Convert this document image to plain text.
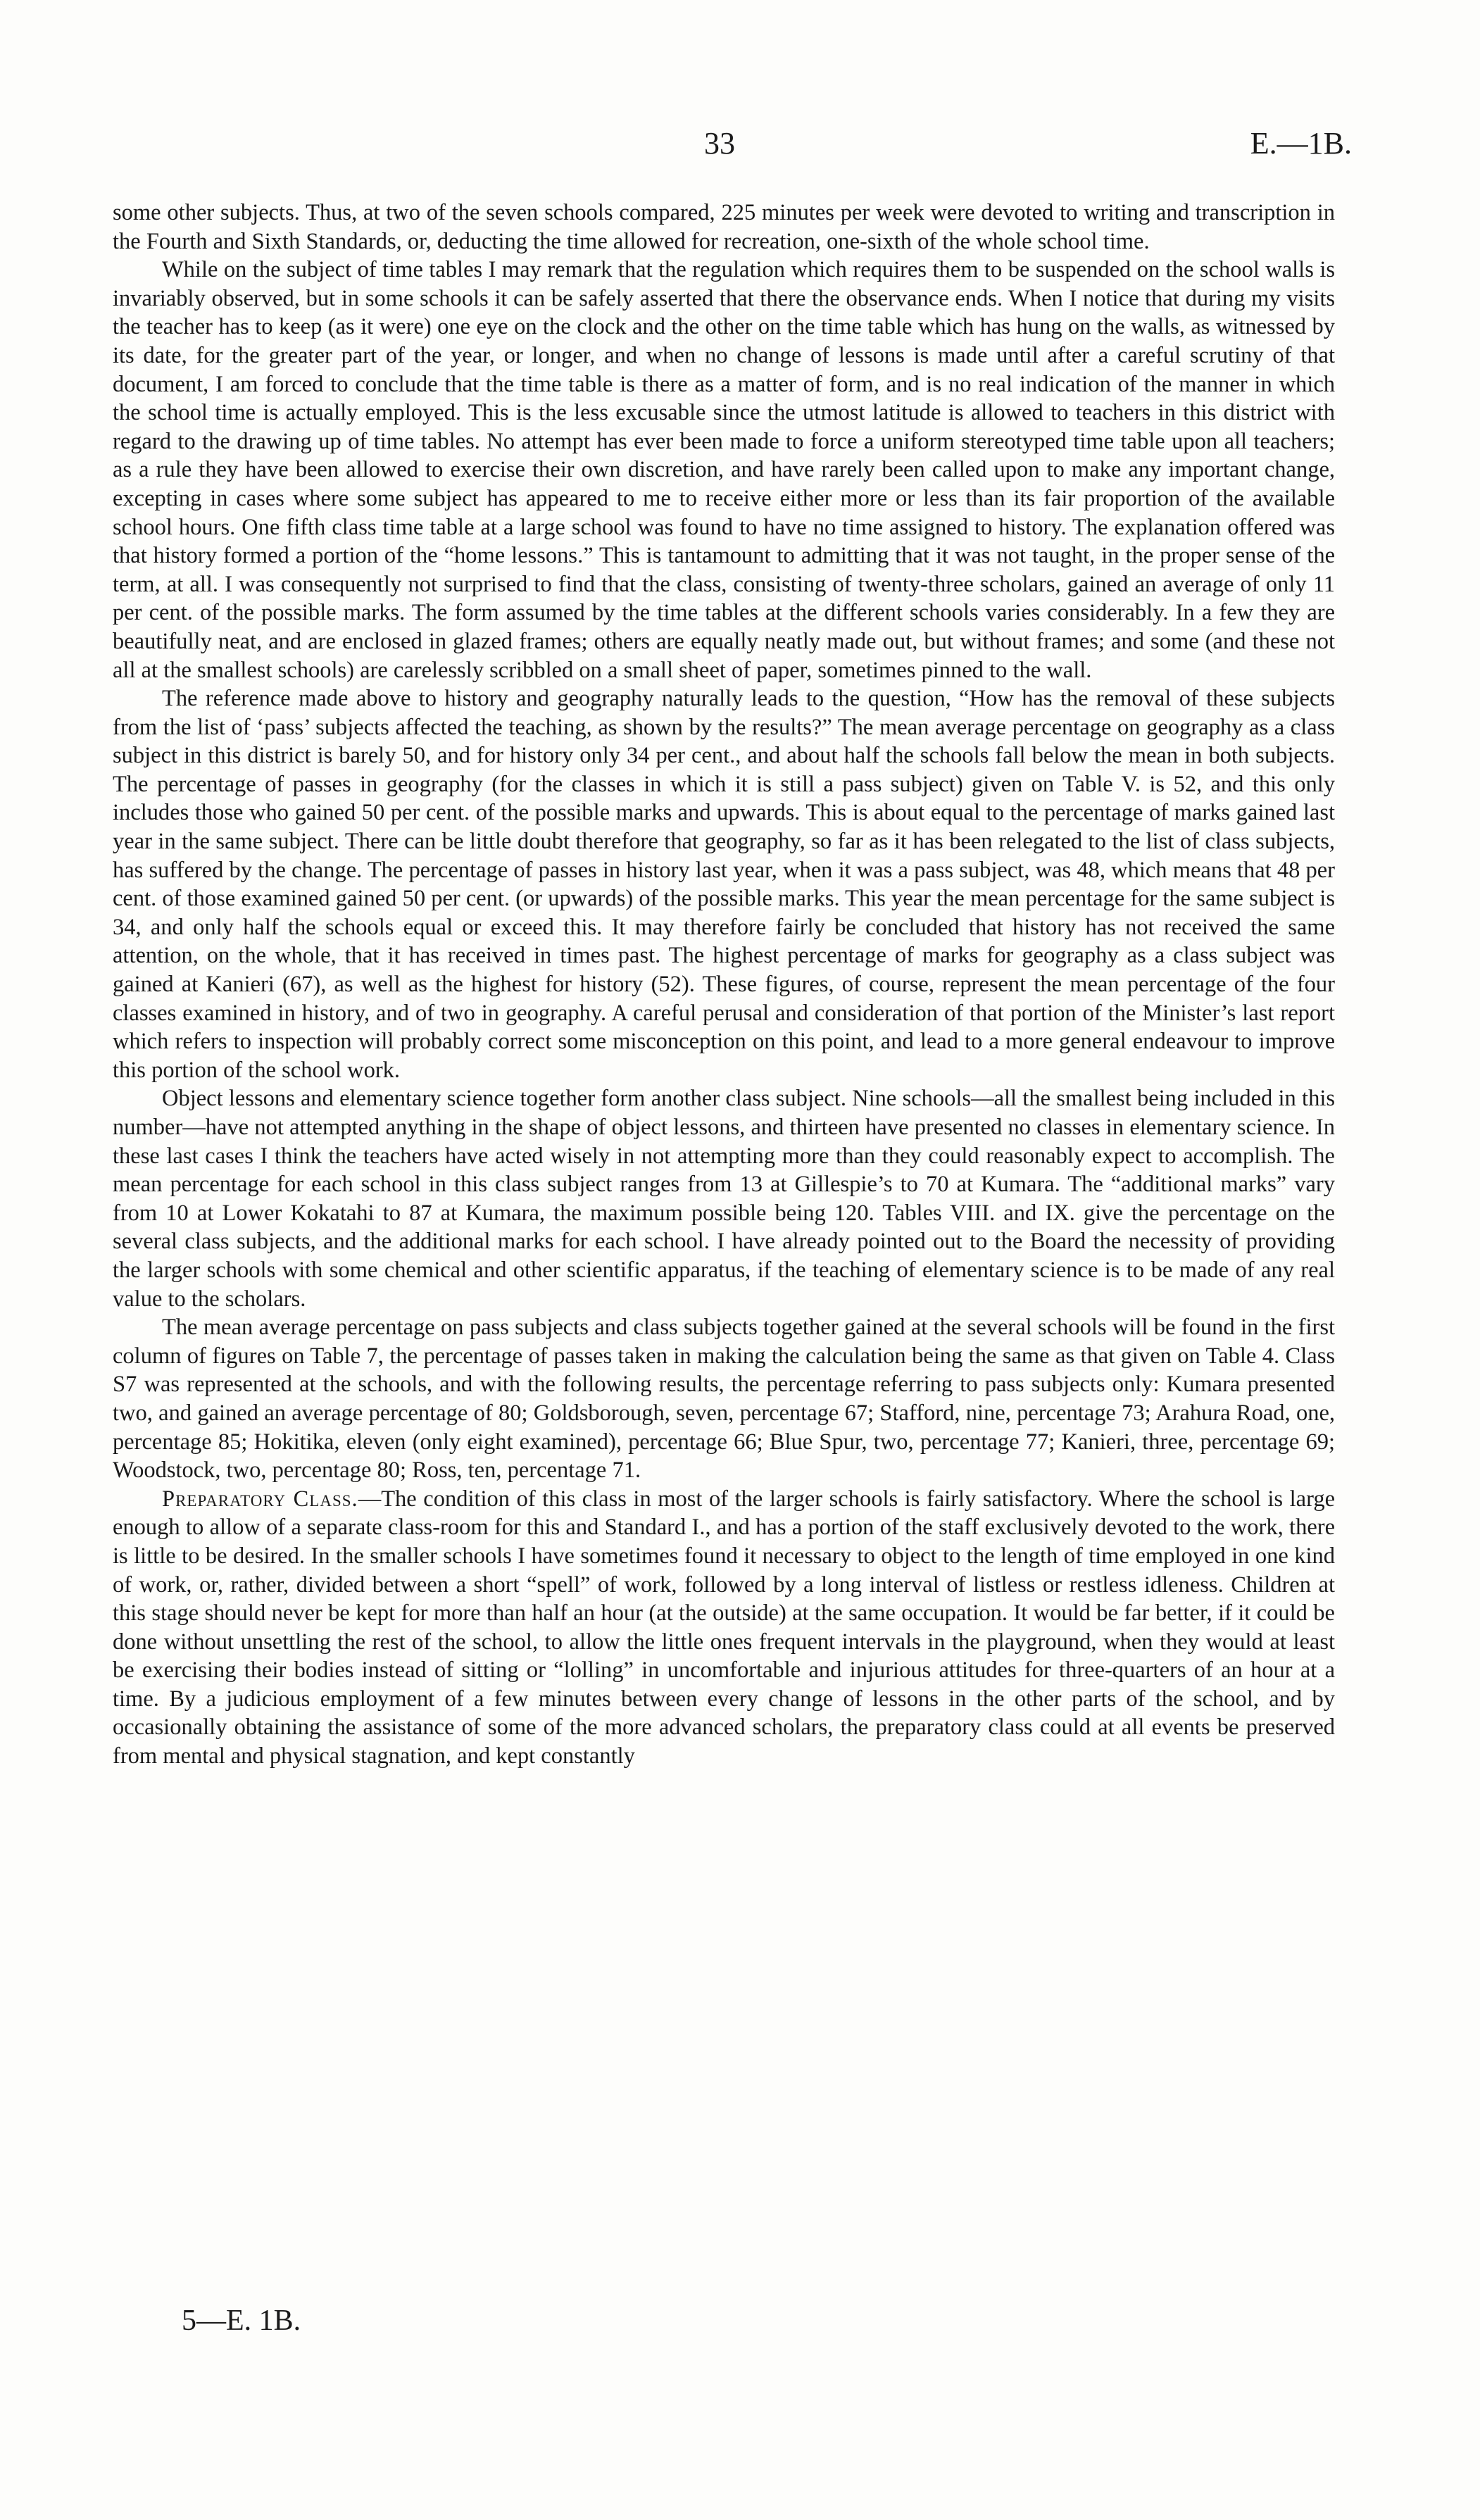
33	E.—1B.

some other subjects. Thus, at two of the seven schools compared, 225 minutes per week were devoted to writing and transcription in the Fourth and Sixth Standards, or, deducting the time allowed for recreation, one-sixth of the whole school time.

While on the subject of time tables I may remark that the regulation which requires them to be suspended on the school walls is invariably observed, but in some schools it can be safely asserted that there the observance ends. When I notice that during my visits the teacher has to keep (as it were) one eye on the clock and the other on the time table which has hung on the walls, as witnessed by its date, for the greater part of the year, or longer, and when no change of lessons is made until after a careful scrutiny of that document, I am forced to conclude that the time table is there as a matter of form, and is no real indication of the manner in which the school time is actually employed. This is the less excusable since the utmost latitude is allowed to teachers in this district with regard to the drawing up of time tables. No attempt has ever been made to force a uniform stereotyped time table upon all teachers; as a rule they have been allowed to exercise their own discretion, and have rarely been called upon to make any important change, excepting in cases where some subject has appeared to me to receive either more or less than its fair proportion of the available school hours. One fifth class time table at a large school was found to have no time assigned to history. The explanation offered was that history formed a portion of the “home lessons.” This is tantamount to admitting that it was not taught, in the proper sense of the term, at all. I was consequently not surprised to find that the class, consisting of twenty-three scholars, gained an average of only 11 per cent. of the possible marks. The form assumed by the time tables at the different schools varies considerably. In a few they are beautifully neat, and are enclosed in glazed frames; others are equally neatly made out, but without frames; and some (and these not all at the smallest schools) are carelessly scribbled on a small sheet of paper, sometimes pinned to the wall.

The reference made above to history and geography naturally leads to the question, “How has the removal of these subjects from the list of ‘pass’ subjects affected the teaching, as shown by the results?” The mean average percentage on geography as a class subject in this district is barely 50, and for history only 34 per cent., and about half the schools fall below the mean in both subjects. The percentage of passes in geography (for the classes in which it is still a pass subject) given on Table V. is 52, and this only includes those who gained 50 per cent. of the possible marks and upwards. This is about equal to the percentage of marks gained last year in the same subject. There can be little doubt therefore that geography, so far as it has been relegated to the list of class subjects, has suffered by the change. The percentage of passes in history last year, when it was a pass subject, was 48, which means that 48 per cent. of those examined gained 50 per cent. (or upwards) of the possible marks. This year the mean percentage for the same subject is 34, and only half the schools equal or exceed this. It may therefore fairly be concluded that history has not received the same attention, on the whole, that it has received in times past. The highest percentage of marks for geography as a class subject was gained at Kanieri (67), as well as the highest for history (52). These figures, of course, represent the mean percentage of the four classes examined in history, and of two in geography. A careful perusal and consideration of that portion of the Minister’s last report which refers to inspection will probably correct some misconception on this point, and lead to a more general endeavour to improve this portion of the school work.

Object lessons and elementary science together form another class subject. Nine schools—all the smallest being included in this number—have not attempted anything in the shape of object lessons, and thirteen have presented no classes in elementary science. In these last cases I think the teachers have acted wisely in not attempting more than they could reasonably expect to accomplish. The mean percentage for each school in this class subject ranges from 13 at Gillespie’s to 70 at Kumara. The “additional marks” vary from 10 at Lower Kokatahi to 87 at Kumara, the maximum possible being 120. Tables VIII. and IX. give the percentage on the several class subjects, and the additional marks for each school. I have already pointed out to the Board the necessity of providing the larger schools with some chemical and other scientific apparatus, if the teaching of elementary science is to be made of any real value to the scholars.

The mean average percentage on pass subjects and class subjects together gained at the several schools will be found in the first column of figures on Table 7, the percentage of passes taken in making the calculation being the same as that given on Table 4. Class S7 was represented at the schools, and with the following results, the percentage referring to pass subjects only: Kumara presented two, and gained an average percentage of 80; Goldsborough, seven, percentage 67; Stafford, nine, percentage 73; Arahura Road, one, percentage 85; Hokitika, eleven (only eight examined), percentage 66; Blue Spur, two, percentage 77; Kanieri, three, percentage 69; Woodstock, two, percentage 80; Ross, ten, percentage 71.

Preparatory Class.—The condition of this class in most of the larger schools is fairly satisfactory. Where the school is large enough to allow of a separate class-room for this and Standard I., and has a portion of the staff exclusively devoted to the work, there is little to be desired. In the smaller schools I have sometimes found it necessary to object to the length of time employed in one kind of work, or, rather, divided between a short “spell” of work, followed by a long interval of listless or restless idleness. Children at this stage should never be kept for more than half an hour (at the outside) at the same occupation. It would be far better, if it could be done without unsettling the rest of the school, to allow the little ones frequent intervals in the playground, when they would at least be exercising their bodies instead of sitting or “lolling” in uncomfortable and injurious attitudes for three-quarters of an hour at a time. By a judicious employment of a few minutes between every change of lessons in the other parts of the school, and by occasionally obtaining the assistance of some of the more advanced scholars, the preparatory class could at all events be preserved from mental and physical stagnation, and kept constantly

5—E. 1B.
